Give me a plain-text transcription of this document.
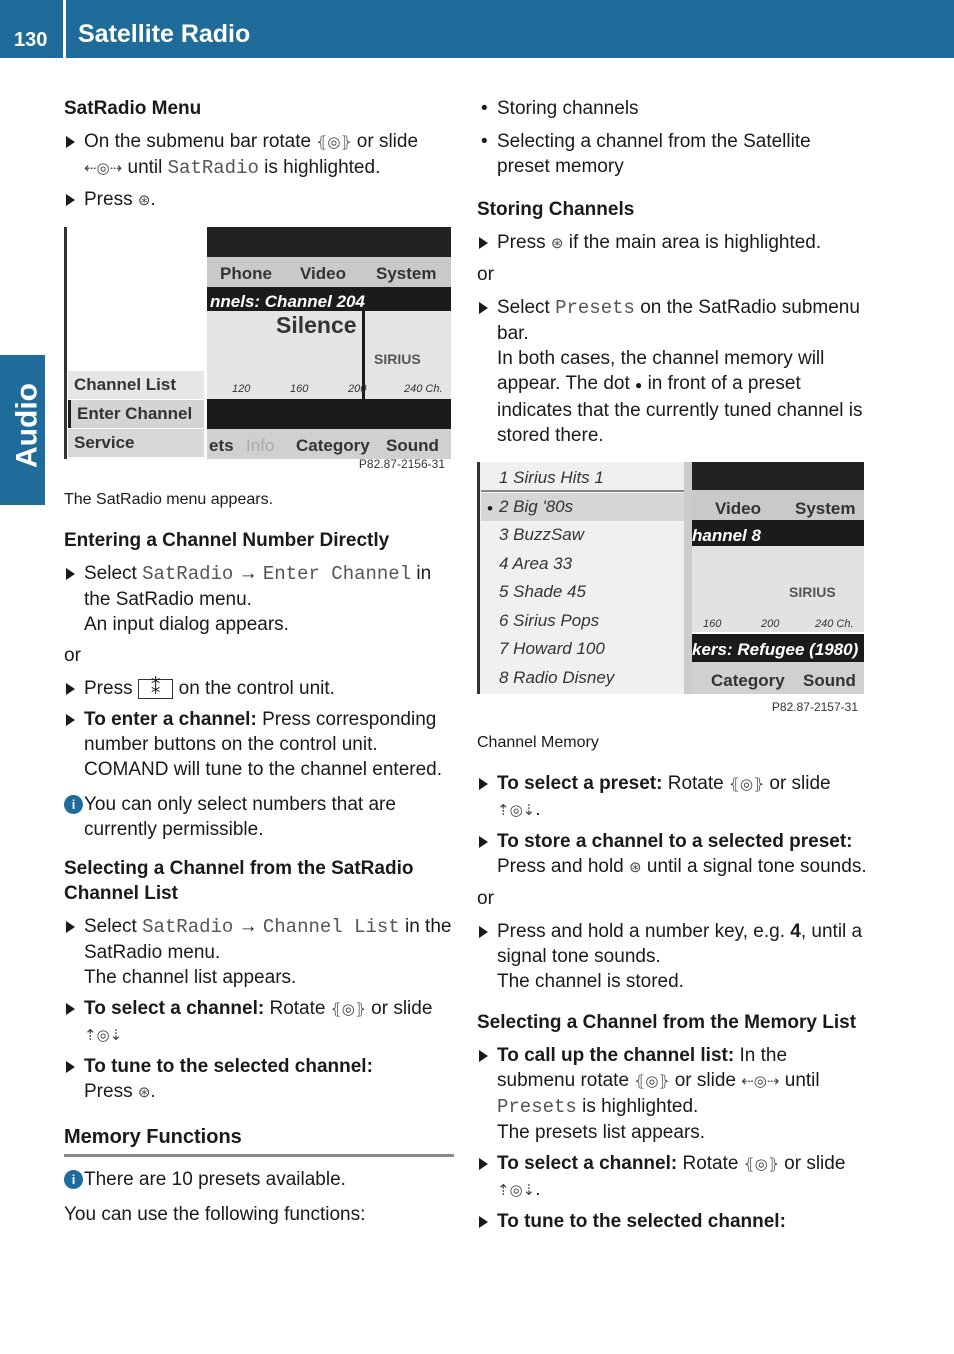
130 Satellite Radio
Audio
SatRadio Menu
On the submenu bar rotate ⦃◎⦄ or slide ⇠◎⇢ until SatRadio is highlighted.
Press ⊛.
Phone Video System
nnels: Channel 204
Silence
SIRIUS
120	160	200	240 Ch.
ets Info Category Sound
Channel List
Enter Channel
Service
P82.87-2156-31
The SatRadio menu appears.
Entering a Channel Number Directly
Select SatRadio → Enter Channel in the SatRadio menu.
An input dialog appears.
or
Press ⁑ on the control unit.
To enter a channel: Press corresponding number buttons on the control unit.
COMAND will tune to the channel entered.
i You can only select numbers that are currently permissible.
Selecting a Channel from the SatRadio Channel List
Select SatRadio → Channel List in the SatRadio menu.
The channel list appears.
To select a channel: Rotate ⦃◎⦄ or slide
⇡◎⇣
To tune to the selected channel:
Press ⊛.
Memory Functions
i There are 10 presets available.
You can use the following functions:
• Storing channels
• Selecting a channel from the Satellite preset memory
Storing Channels
Press ⊛ if the main area is highlighted.
or
Select Presets on the SatRadio submenu bar.
In both cases, the channel memory will appear. The dot ● in front of a preset indicates that the currently tuned channel is stored there.
1 Sirius Hits 1
2 Big '80s
•
3 BuzzSaw
4 Area 33
5 Shade 45
6 Sirius Pops
7 Howard 100
8 Radio Disney
Video System
hannel 8
SIRIUS
160	200	240 Ch.
kers: Refugee (1980)
Category Sound
P82.87-2157-31
Channel Memory
To select a preset: Rotate ⦃◎⦄ or slide
⇡◎⇣.
To store a channel to a selected preset:
Press and hold ⊛ until a signal tone sounds.
or
Press and hold a number key, e.g. 4, until a signal tone sounds.
The channel is stored.
Selecting a Channel from the Memory List
To call up the channel list: In the submenu rotate ⦃◎⦄ or slide ⇠◎⇢ until
Presets is highlighted.
The presets list appears.
To select a channel: Rotate ⦃◎⦄ or slide
⇡◎⇣.
To tune to the selected channel:
